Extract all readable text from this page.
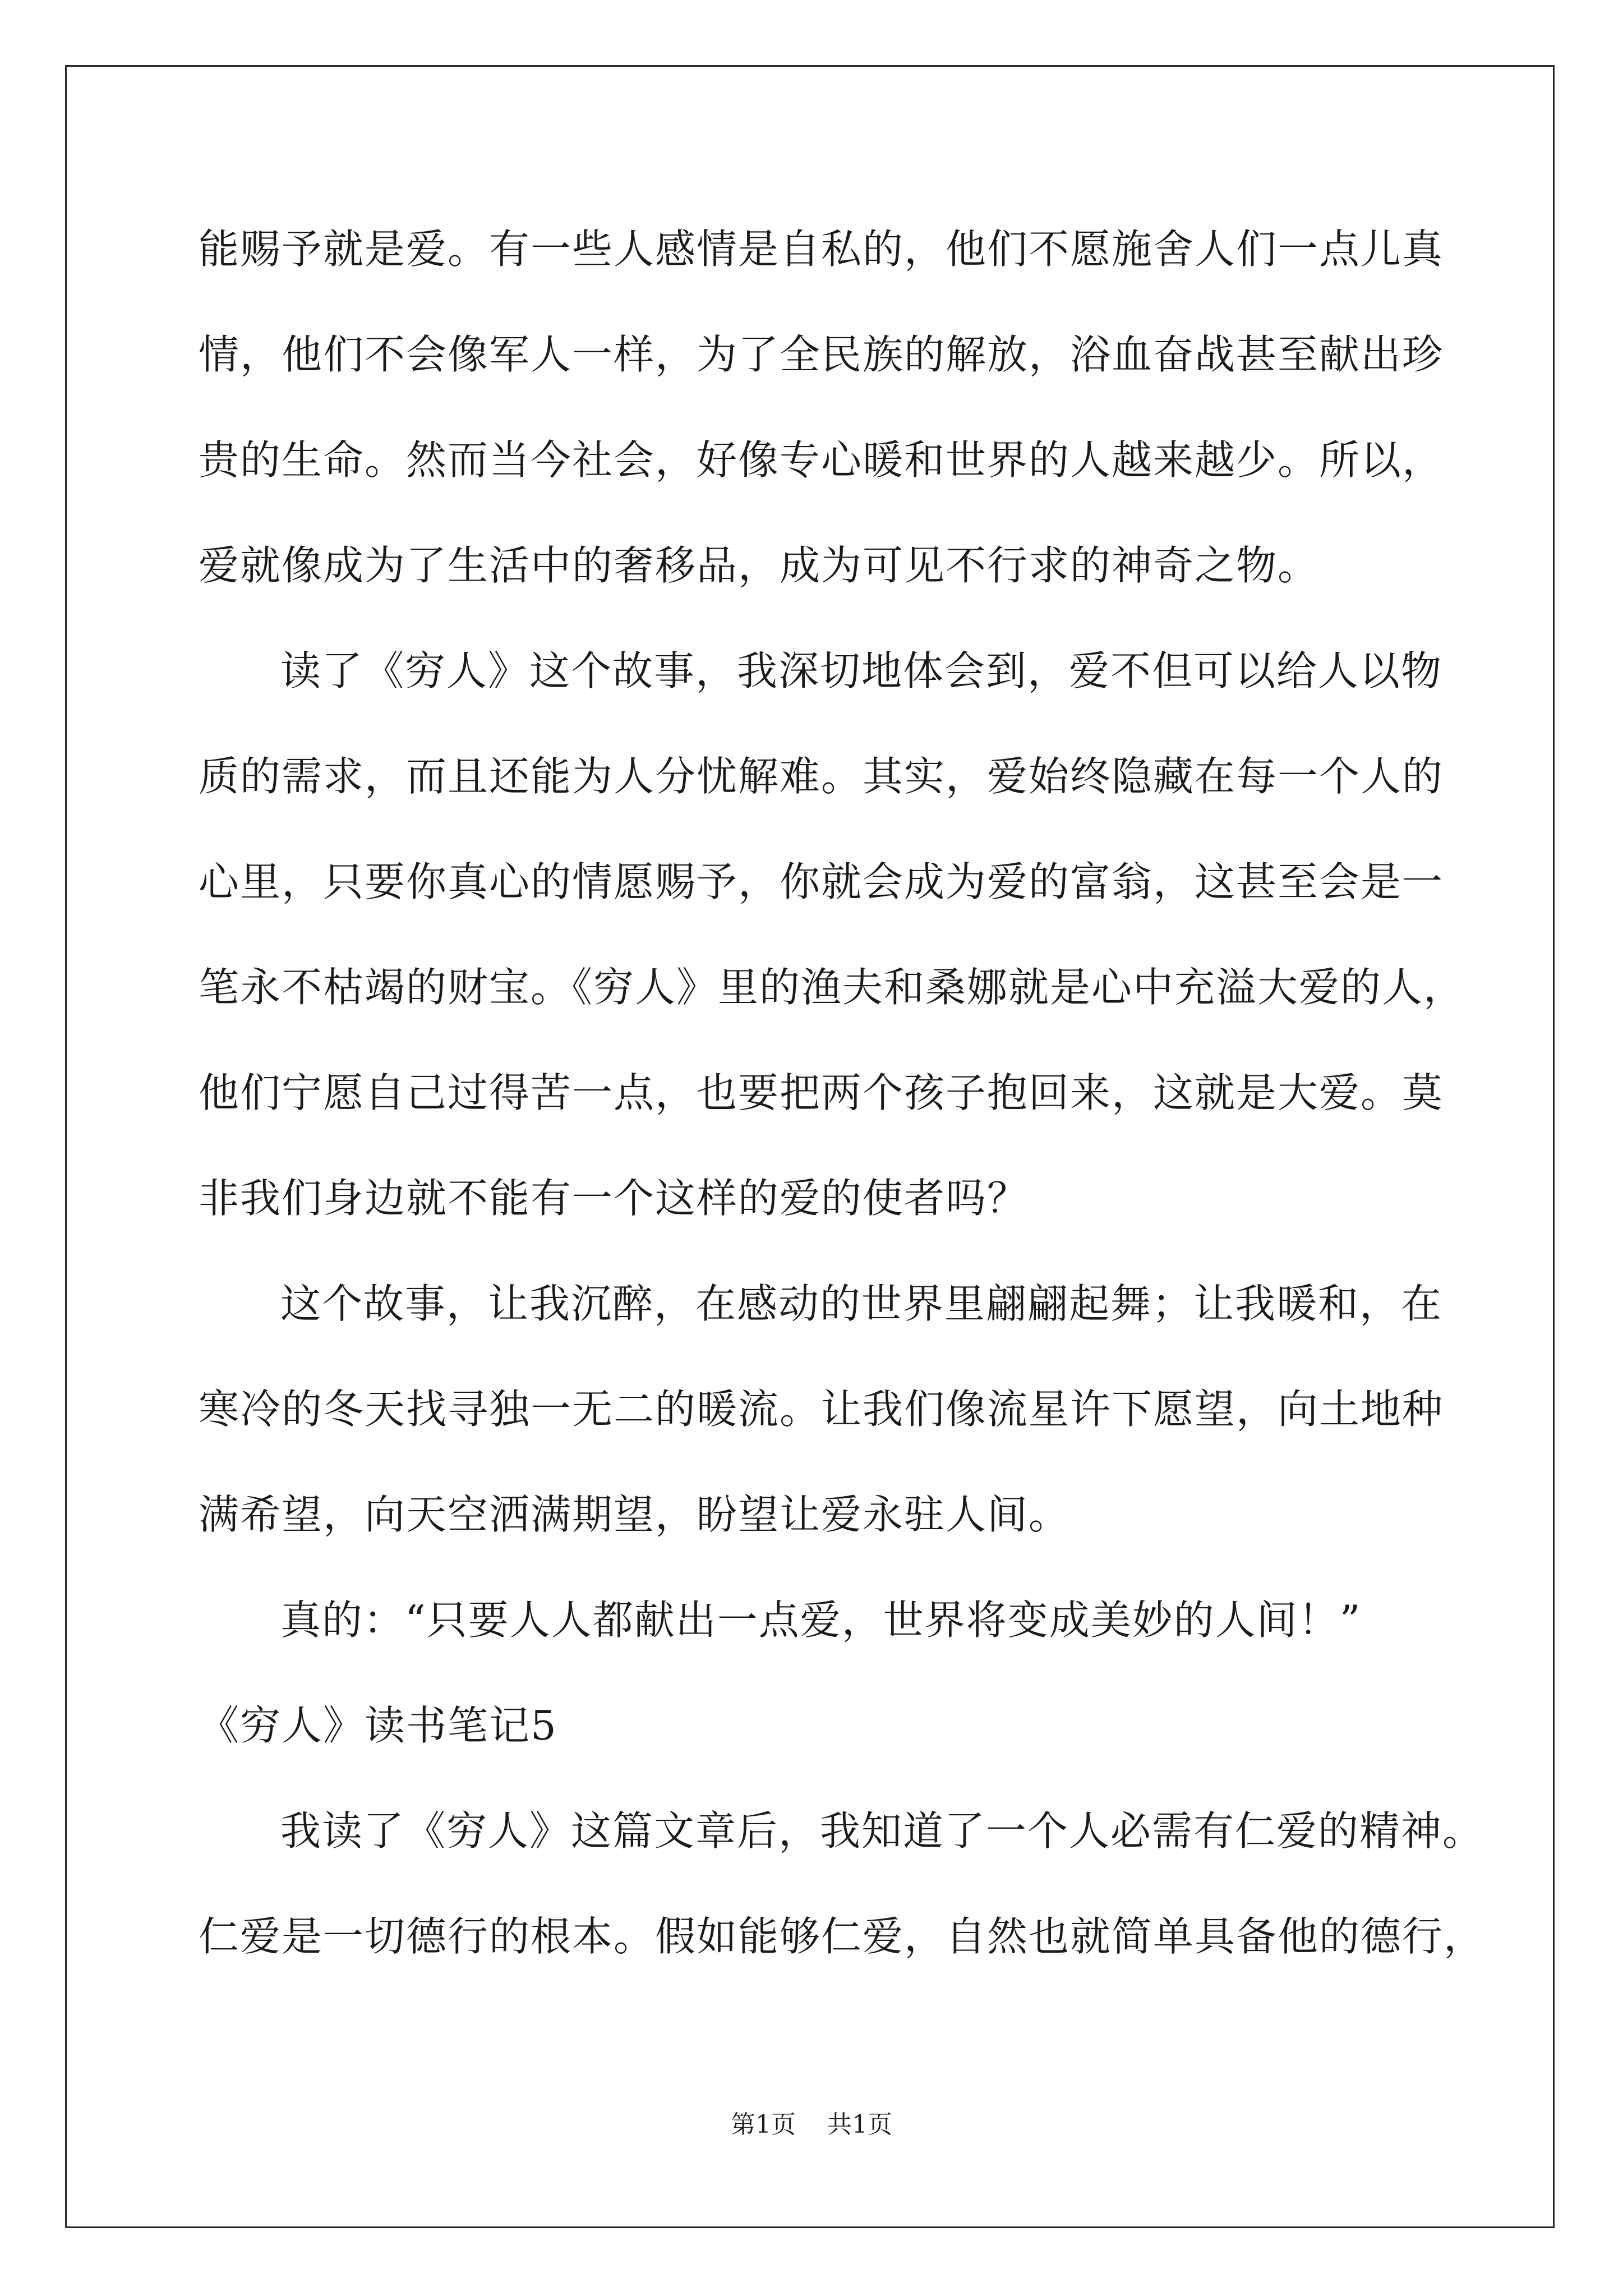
能赐予就是爱。有一些人感情是自私的，他们不愿施舍人们一点儿真
情，他们不会像军人一样，为了全民族的解放，浴血奋战甚至献出珍
贵的生命。然而当今社会，好像专心暖和世界的人越来越少。所以，
爱就像成为了生活中的奢移品，成为可见不行求的神奇之物。
读了《穷人》这个故事，我深切地体会到，爱不但可以给人以物
质的需求，而且还能为人分忧解难。其实，爱始终隐藏在每一个人的
心里，只要你真心的情愿赐予，你就会成为爱的富翁，这甚至会是一
笔永不枯竭的财宝。《穷人》里的渔夫和桑娜就是心中充溢大爱的人，
他们宁愿自己过得苦一点，也要把两个孩子抱回来，这就是大爱。莫
非我们身边就不能有一个这样的爱的使者吗？
这个故事，让我沉醉，在感动的世界里翩翩起舞；让我暖和，在
寒冷的冬天找寻独一无二的暖流。让我们像流星许下愿望，向土地种
满希望，向天空洒满期望，盼望让爱永驻人间。
真的：“只要人人都献出一点爱，世界将变成美妙的人间！”
《穷人》读书笔记5
我读了《穷人》这篇文章后，我知道了一个人必需有仁爱的精神。
仁爱是一切德行的根本。假如能够仁爱，自然也就简单具备他的德行，
第1页 共1页
